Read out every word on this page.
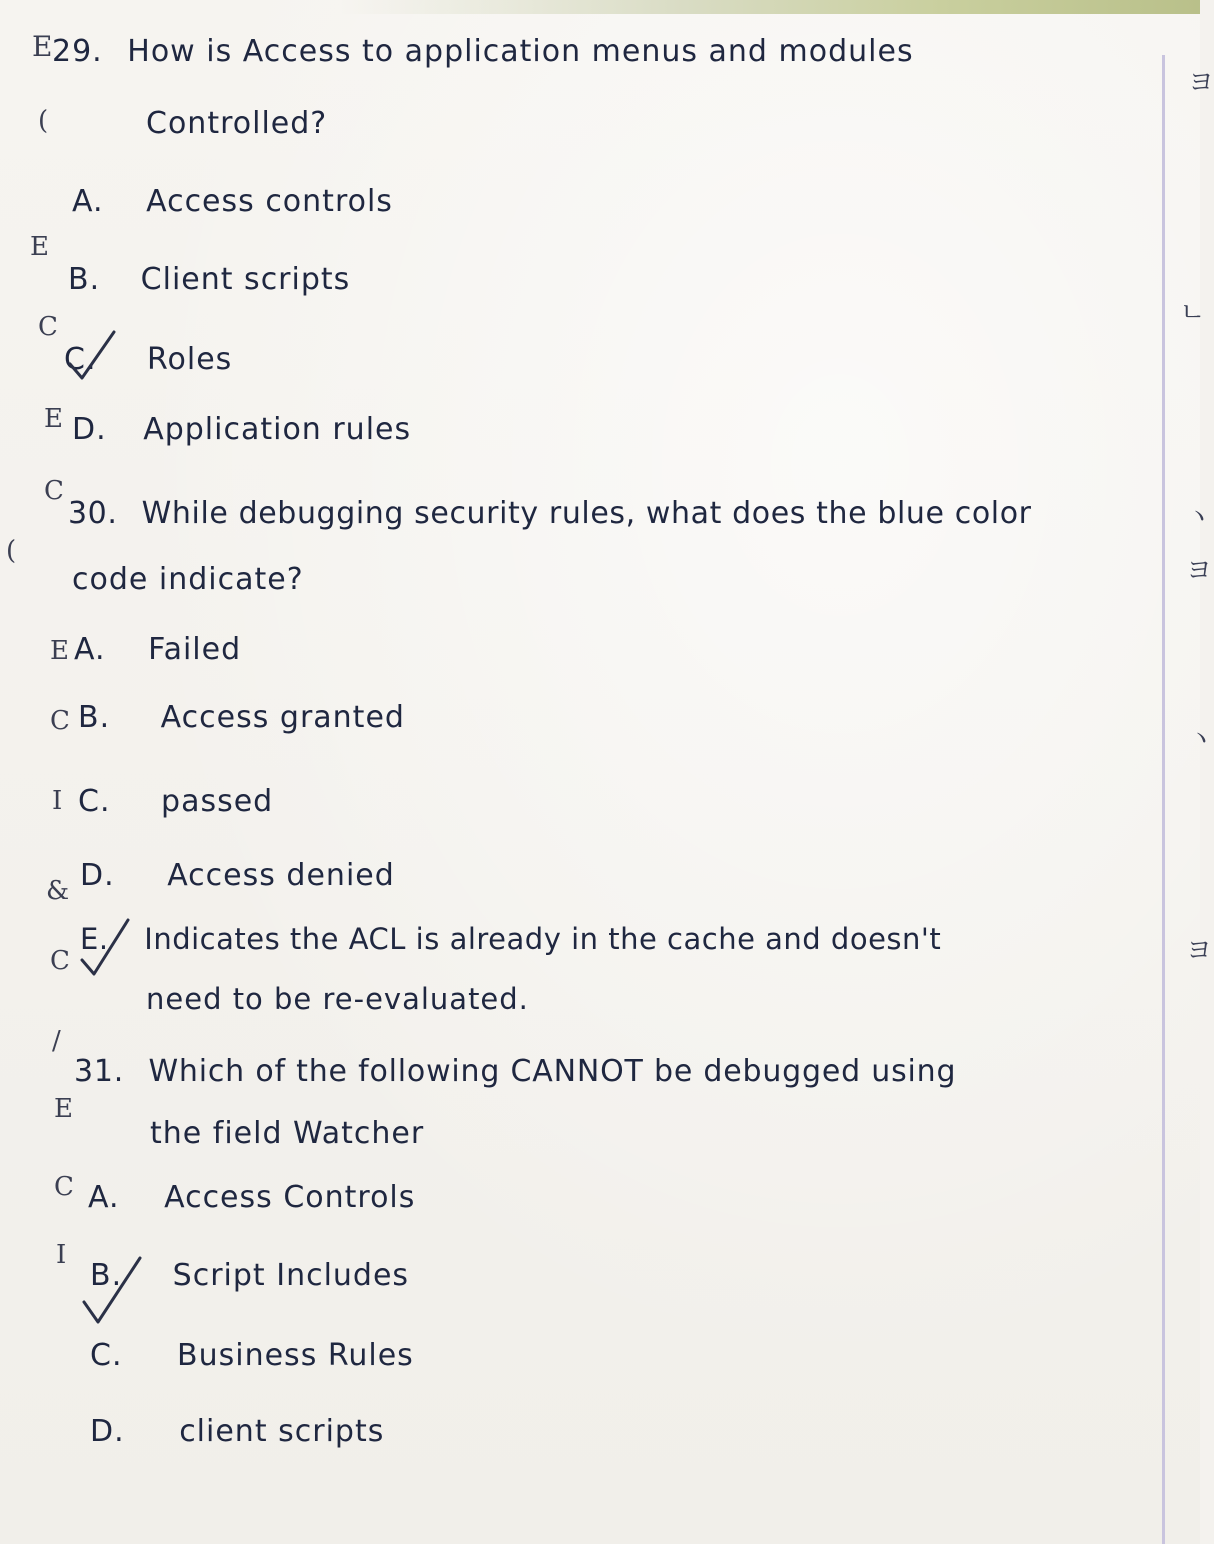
ヨ
ㄴ
ヽ
ヨ
ヽ
ヨ
E 29. How is Access to application menus and modules
(	Controlled?
A. Access controls
E
B. Client scripts
C
C. Roles
E D. Application rules
C
30. While debugging security rules, what does the blue color
(
code indicate?
E A. Failed
C B. Access granted
I C. passed
& D. Access denied
C
E. Indicates the ACL is already in the cache and doesn't
need to be re-evaluated.
/
31. Which of the following CANNOT be debugged using
E
the field Watcher
C A. Access Controls
I
B. Script Includes
C. Business Rules
D. client scripts
